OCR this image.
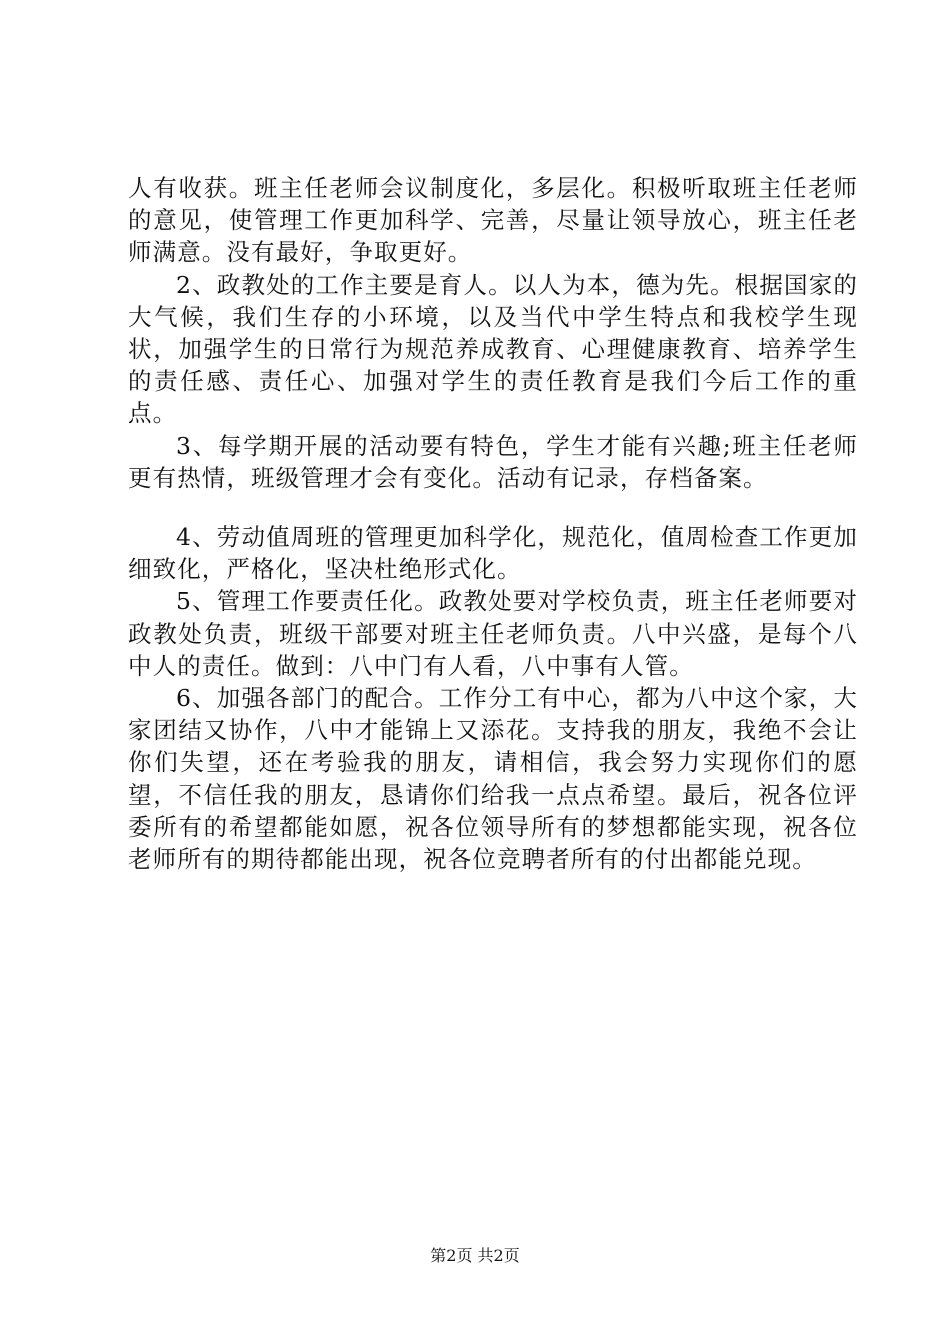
人有收获。班主任老师会议制度化，多层化。积极听取班主任老师的意见，使管理工作更加科学、完善，尽量让领导放心，班主任老师满意。没有最好，争取更好。

2、政教处的工作主要是育人。以人为本，德为先。根据国家的大气候，我们生存的小环境，以及当代中学生特点和我校学生现状，加强学生的日常行为规范养成教育、心理健康教育、培养学生的责任感、责任心、加强对学生的责任教育是我们今后工作的重点。

3、每学期开展的活动要有特色，学生才能有兴趣;班主任老师更有热情，班级管理才会有变化。活动有记录，存档备案。

4、劳动值周班的管理更加科学化，规范化，值周检查工作更加细致化，严格化，坚决杜绝形式化。

5、管理工作要责任化。政教处要对学校负责，班主任老师要对政教处负责，班级干部要对班主任老师负责。八中兴盛，是每个八中人的责任。做到：八中门有人看，八中事有人管。

6、加强各部门的配合。工作分工有中心，都为八中这个家，大家团结又协作，八中才能锦上又添花。支持我的朋友，我绝不会让你们失望，还在考验我的朋友，请相信，我会努力实现你们的愿望，不信任我的朋友，恳请你们给我一点点希望。最后，祝各位评委所有的希望都能如愿，祝各位领导所有的梦想都能实现，祝各位老师所有的期待都能出现，祝各位竞聘者所有的付出都能兑现。

第2页 共2页
